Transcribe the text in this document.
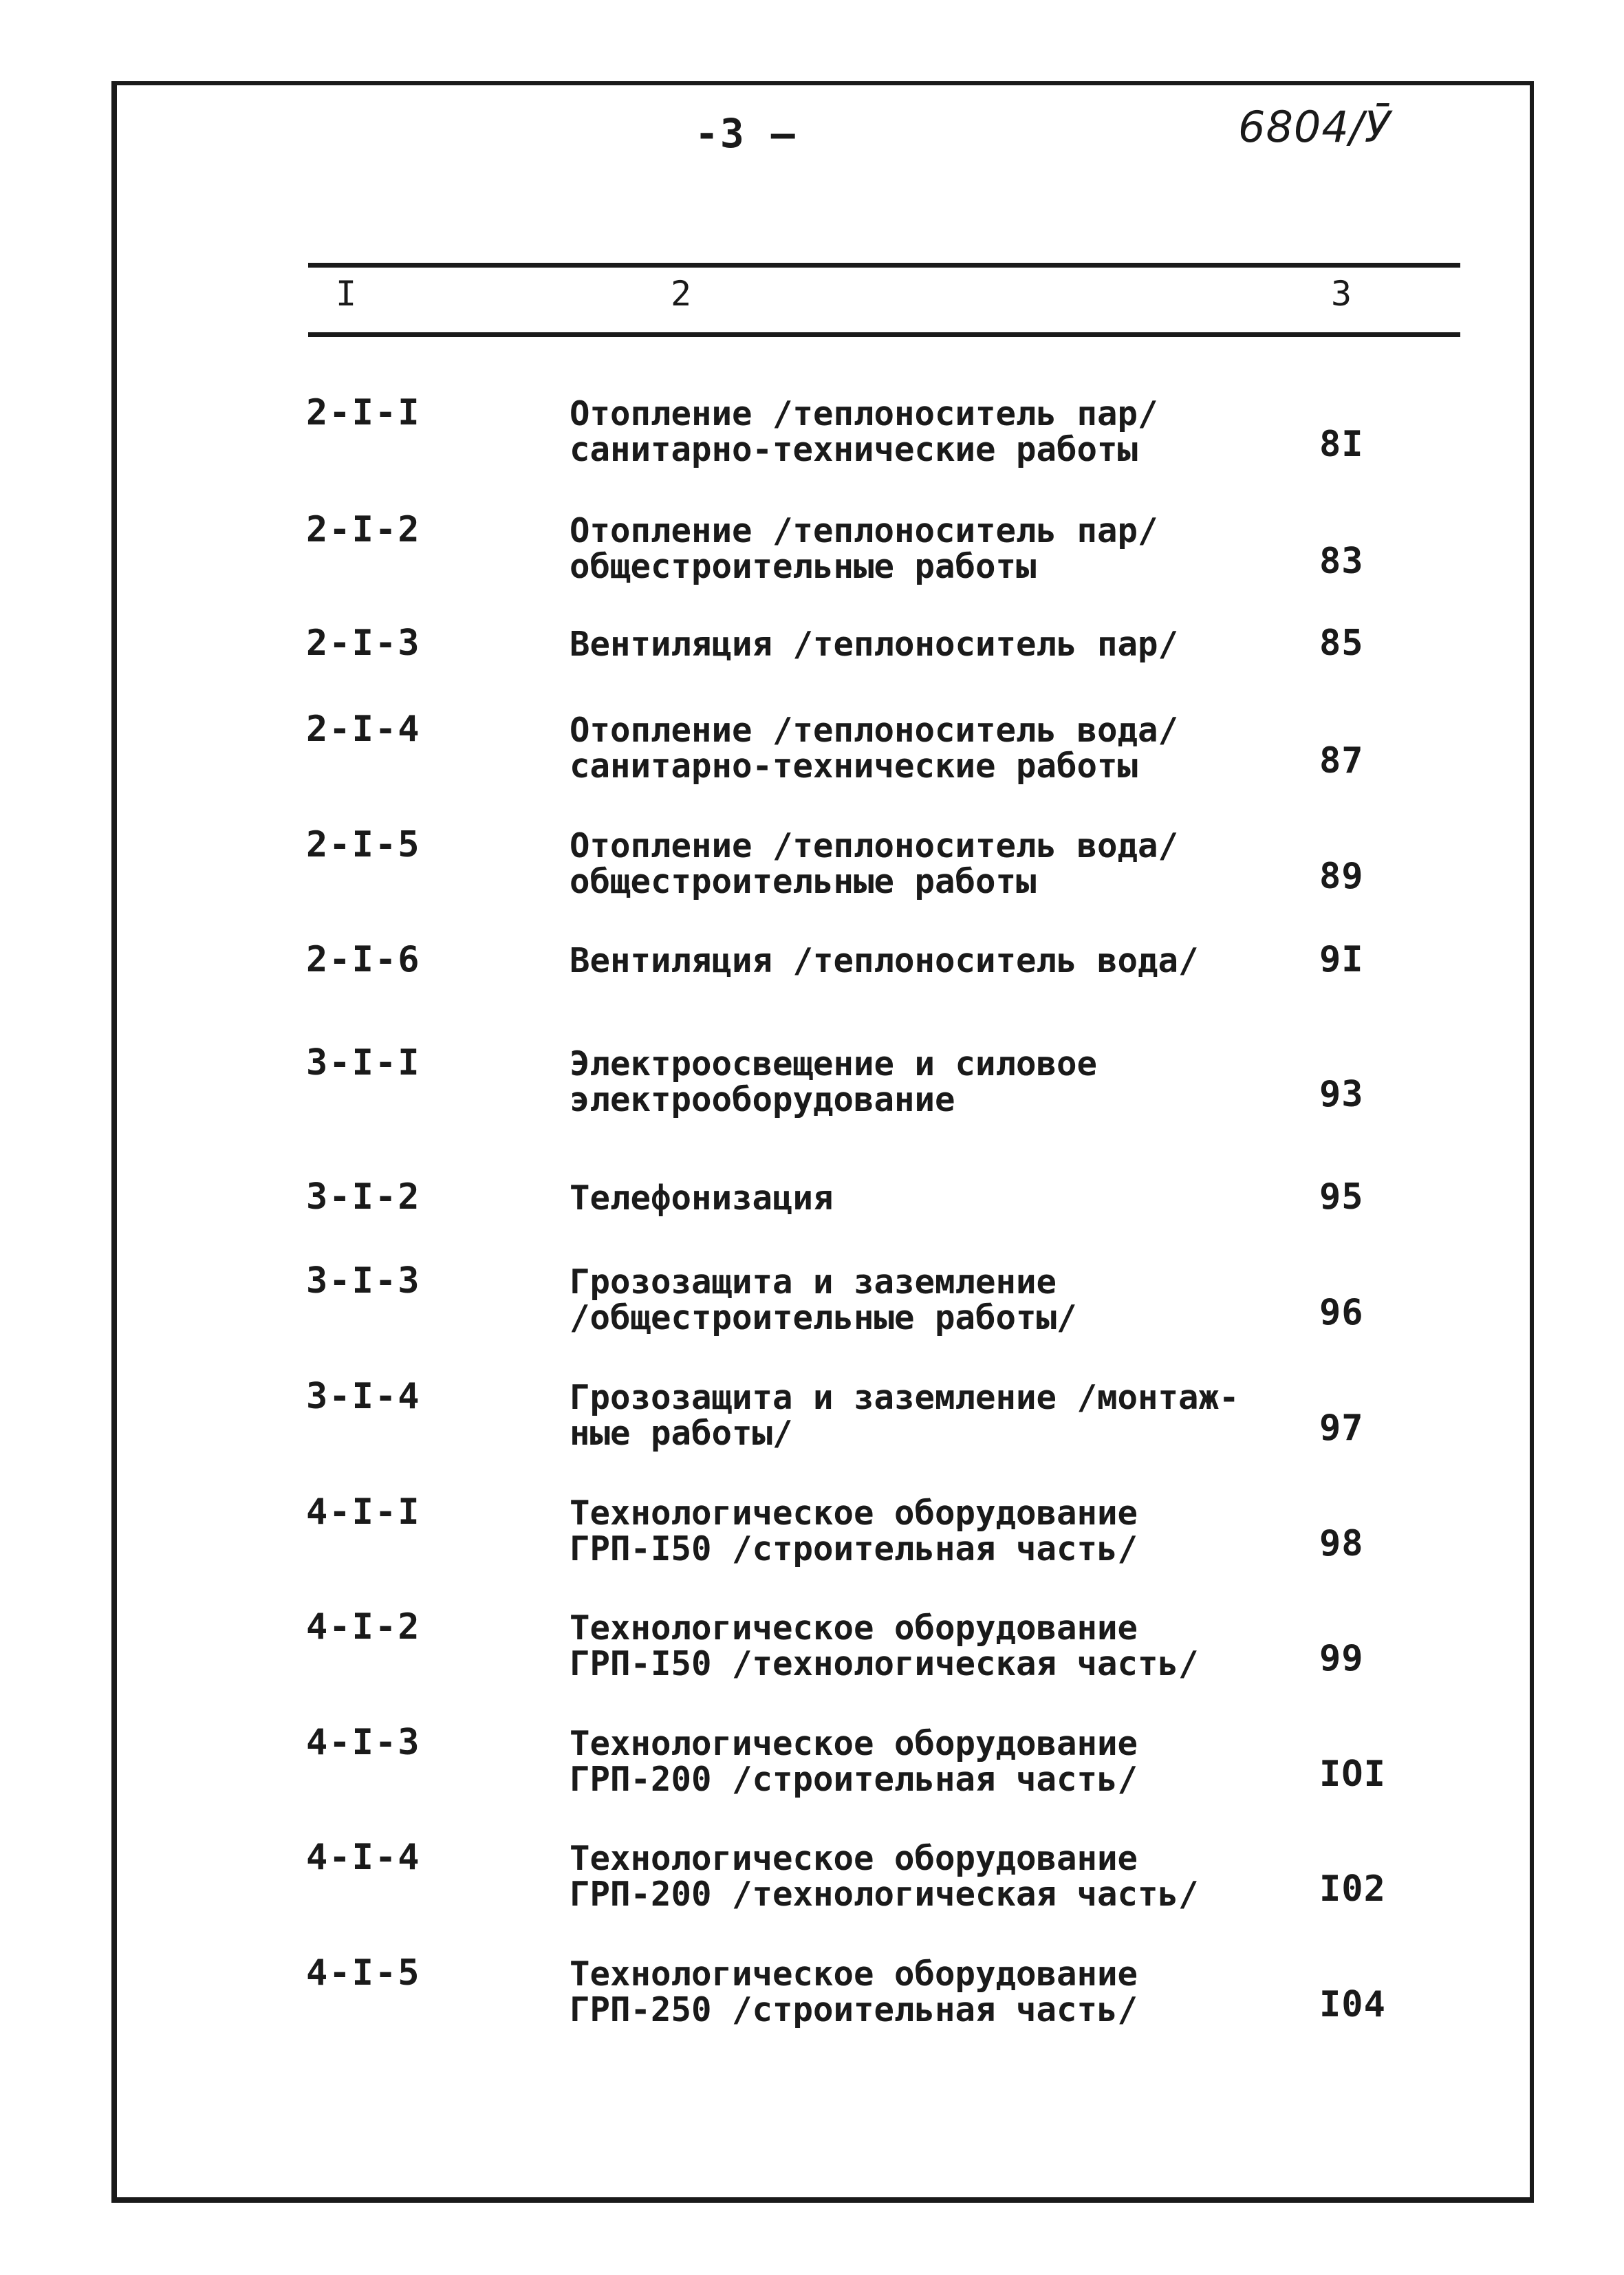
-3 —	6804/Ӯ
I	2	3
2-I-I	Отопление /теплоноситель пар/
санитарно-технические работы	8I
2-I-2	Отопление /теплоноситель пар/
общестроительные работы	83
2-I-3	Вентиляция /теплоноситель пар/	85
2-I-4	Отопление /теплоноситель вода/
санитарно-технические работы	87
2-I-5	Отопление /теплоноситель вода/
общестроительные работы	89
2-I-6	Вентиляция /теплоноситель вода/	9I
3-I-I	Электроосвещение и силовое
электрооборудование	93
3-I-2	Телефонизация	95
3-I-3	Грозозащита и заземление
/общестроительные работы/	96
3-I-4	Грозозащита и заземление /монтаж-
ные работы/	97
4-I-I	Технологическое оборудование
ГРП-I50 /строительная часть/	98
4-I-2	Технологическое оборудование
ГРП-I50 /технологическая часть/	99
4-I-3	Технологическое оборудование
ГРП-200 /строительная часть/	IOI
4-I-4	Технологическое оборудование
ГРП-200 /технологическая часть/	I02
4-I-5	Технологическое оборудование
ГРП-250 /строительная часть/	I04
